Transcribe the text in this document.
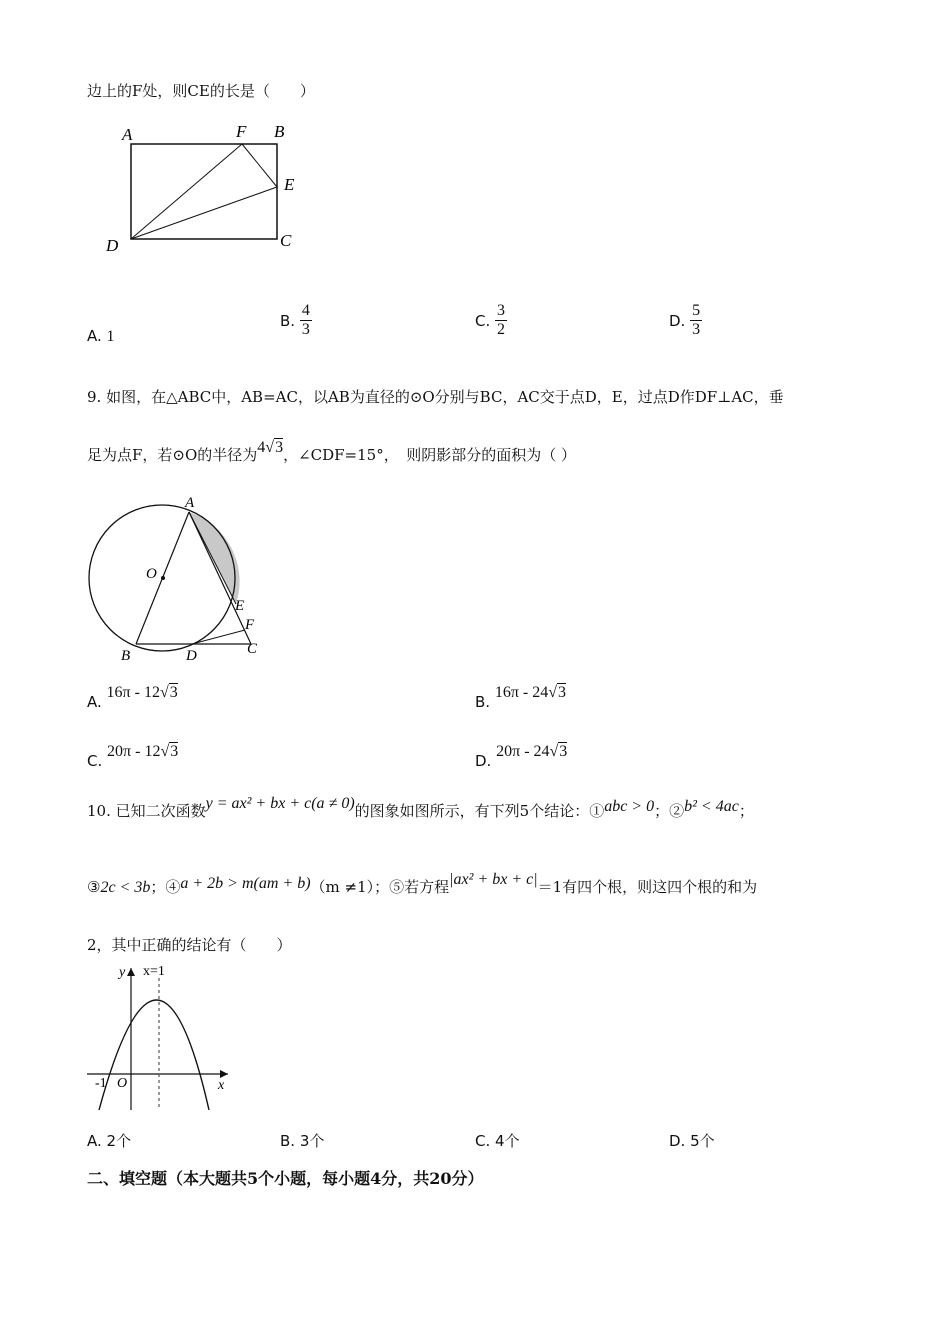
边上的F处，则CE的长是（　　）
A	F B
E
D	C
A. 1
B. $\frac{4}{3}$	C. $\frac{3}{2}$	D. $\frac{5}{3}$
9. 如图，在△ABC中，AB=AC，以AB为直径的⊙O分别与BC，AC交于点D，E，过点D作DF⊥AC，垂
足为点F，若⊙O的半径为4√3，∠CDF=15°，　则阴影部分的面积为（ ）
A
O
E
F
B	D	C
A. 16π - 12√3
B. 16π - 24√3
C. 20π - 12√3
D. 20π - 24√3
10. 已知二次函数y = ax² + bx + c(a ≠ 0)的图象如图所示，有下列5个结论：①abc > 0；②b² < 4ac；
③2c < 3b；④a + 2b > m(am + b)（m ≠1）；⑤若方程|ax² + bx + c|＝1有四个根，则这四个根的和为
2，其中正确的结论有（　　）
y x=1
x
-1 O
A. 2个	B. 3个	C. 4个	D. 5个
二、填空题（本大题共5个小题，每小题4分，共20分）
